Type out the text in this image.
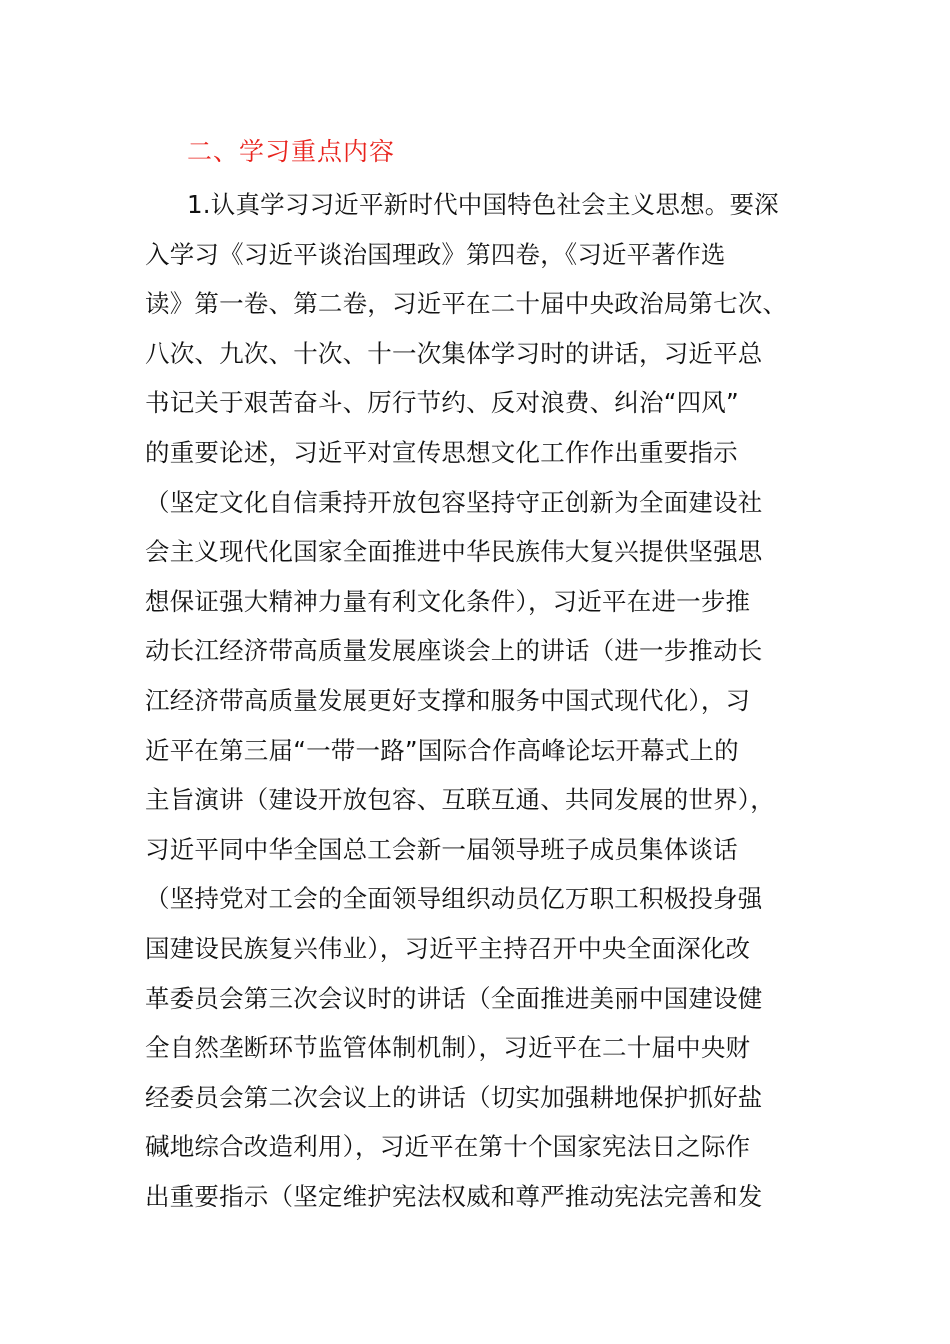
二、学习重点内容
1.认真学习习近平新时代中国特色社会主义思想。要深
入学习《习近平谈治国理政》第四卷，《习近平著作选
读》第一卷、第二卷，习近平在二十届中央政治局第七次、
八次、九次、十次、十一次集体学习时的讲话，习近平总
书记关于艰苦奋斗、厉行节约、反对浪费、纠治“四风”
的重要论述，习近平对宣传思想文化工作作出重要指示
（坚定文化自信秉持开放包容坚持守正创新为全面建设社
会主义现代化国家全面推进中华民族伟大复兴提供坚强思
想保证强大精神力量有利文化条件），习近平在进一步推
动长江经济带高质量发展座谈会上的讲话（进一步推动长
江经济带高质量发展更好支撑和服务中国式现代化），习
近平在第三届“一带一路”国际合作高峰论坛开幕式上的
主旨演讲（建设开放包容、互联互通、共同发展的世界），
习近平同中华全国总工会新一届领导班子成员集体谈话
（坚持党对工会的全面领导组织动员亿万职工积极投身强
国建设民族复兴伟业），习近平主持召开中央全面深化改
革委员会第三次会议时的讲话（全面推进美丽中国建设健
全自然垄断环节监管体制机制），习近平在二十届中央财
经委员会第二次会议上的讲话（切实加强耕地保护抓好盐
碱地综合改造利用），习近平在第十个国家宪法日之际作
出重要指示（坚定维护宪法权威和尊严推动宪法完善和发
